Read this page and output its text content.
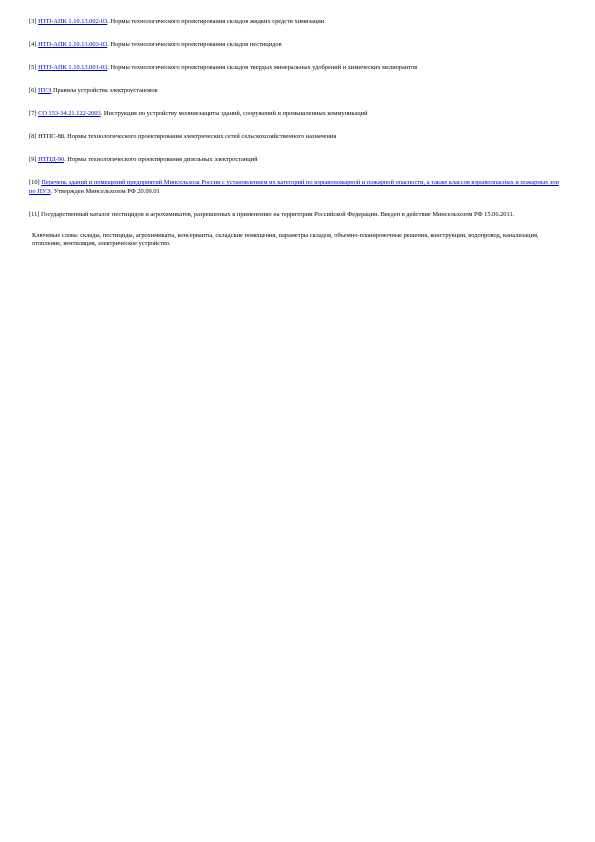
[3] НТП-АПК 1.10.13.002-03. Нормы технологического проектирования складов жидких средств химизации
[4] НТП-АПК 1.10.13.003-03. Нормы технологического проектирования складов пестицидов
[5] НТП-АПК 1.10.13.001-03. Нормы технологического проектирования складов твердых минеральных удобрений и химических мелиорантов
[6] ПУЭ Правила устройства электроустановок
[7] СО 153-34.21.122-2003. Инструкция по устройству молниезащиты зданий, сооружений и промышленных коммуникаций
[8] НТПС-88. Нормы технологического проектирования электрических сетей сельскохозяйственного назначения
[9] НТПД-90. Нормы технологического проектирования дизельных электростанций
[10] Перечень зданий и помещений предприятий Минсельхоза России с установлением их категорий по взрывопожарной и пожарной опасности, а также классов взрывоопасных и пожарных зон по ПУЭ. Утвержден Минсельхозом РФ 20.09.01
[11] Государственный каталог пестицидов и агрохимикатов, разрешенных к применению на территории Российской Федерации. Введен в действие Минсельхозом РФ 15.06.2011.

Ключевые слова: склады, пестициды, агрохимикаты, консерванты, складские помещения, параметры складов, объемно-планировочные решения, конструкции, водопровод, канализация, отопление, вентиляция, электрическое устройство.
